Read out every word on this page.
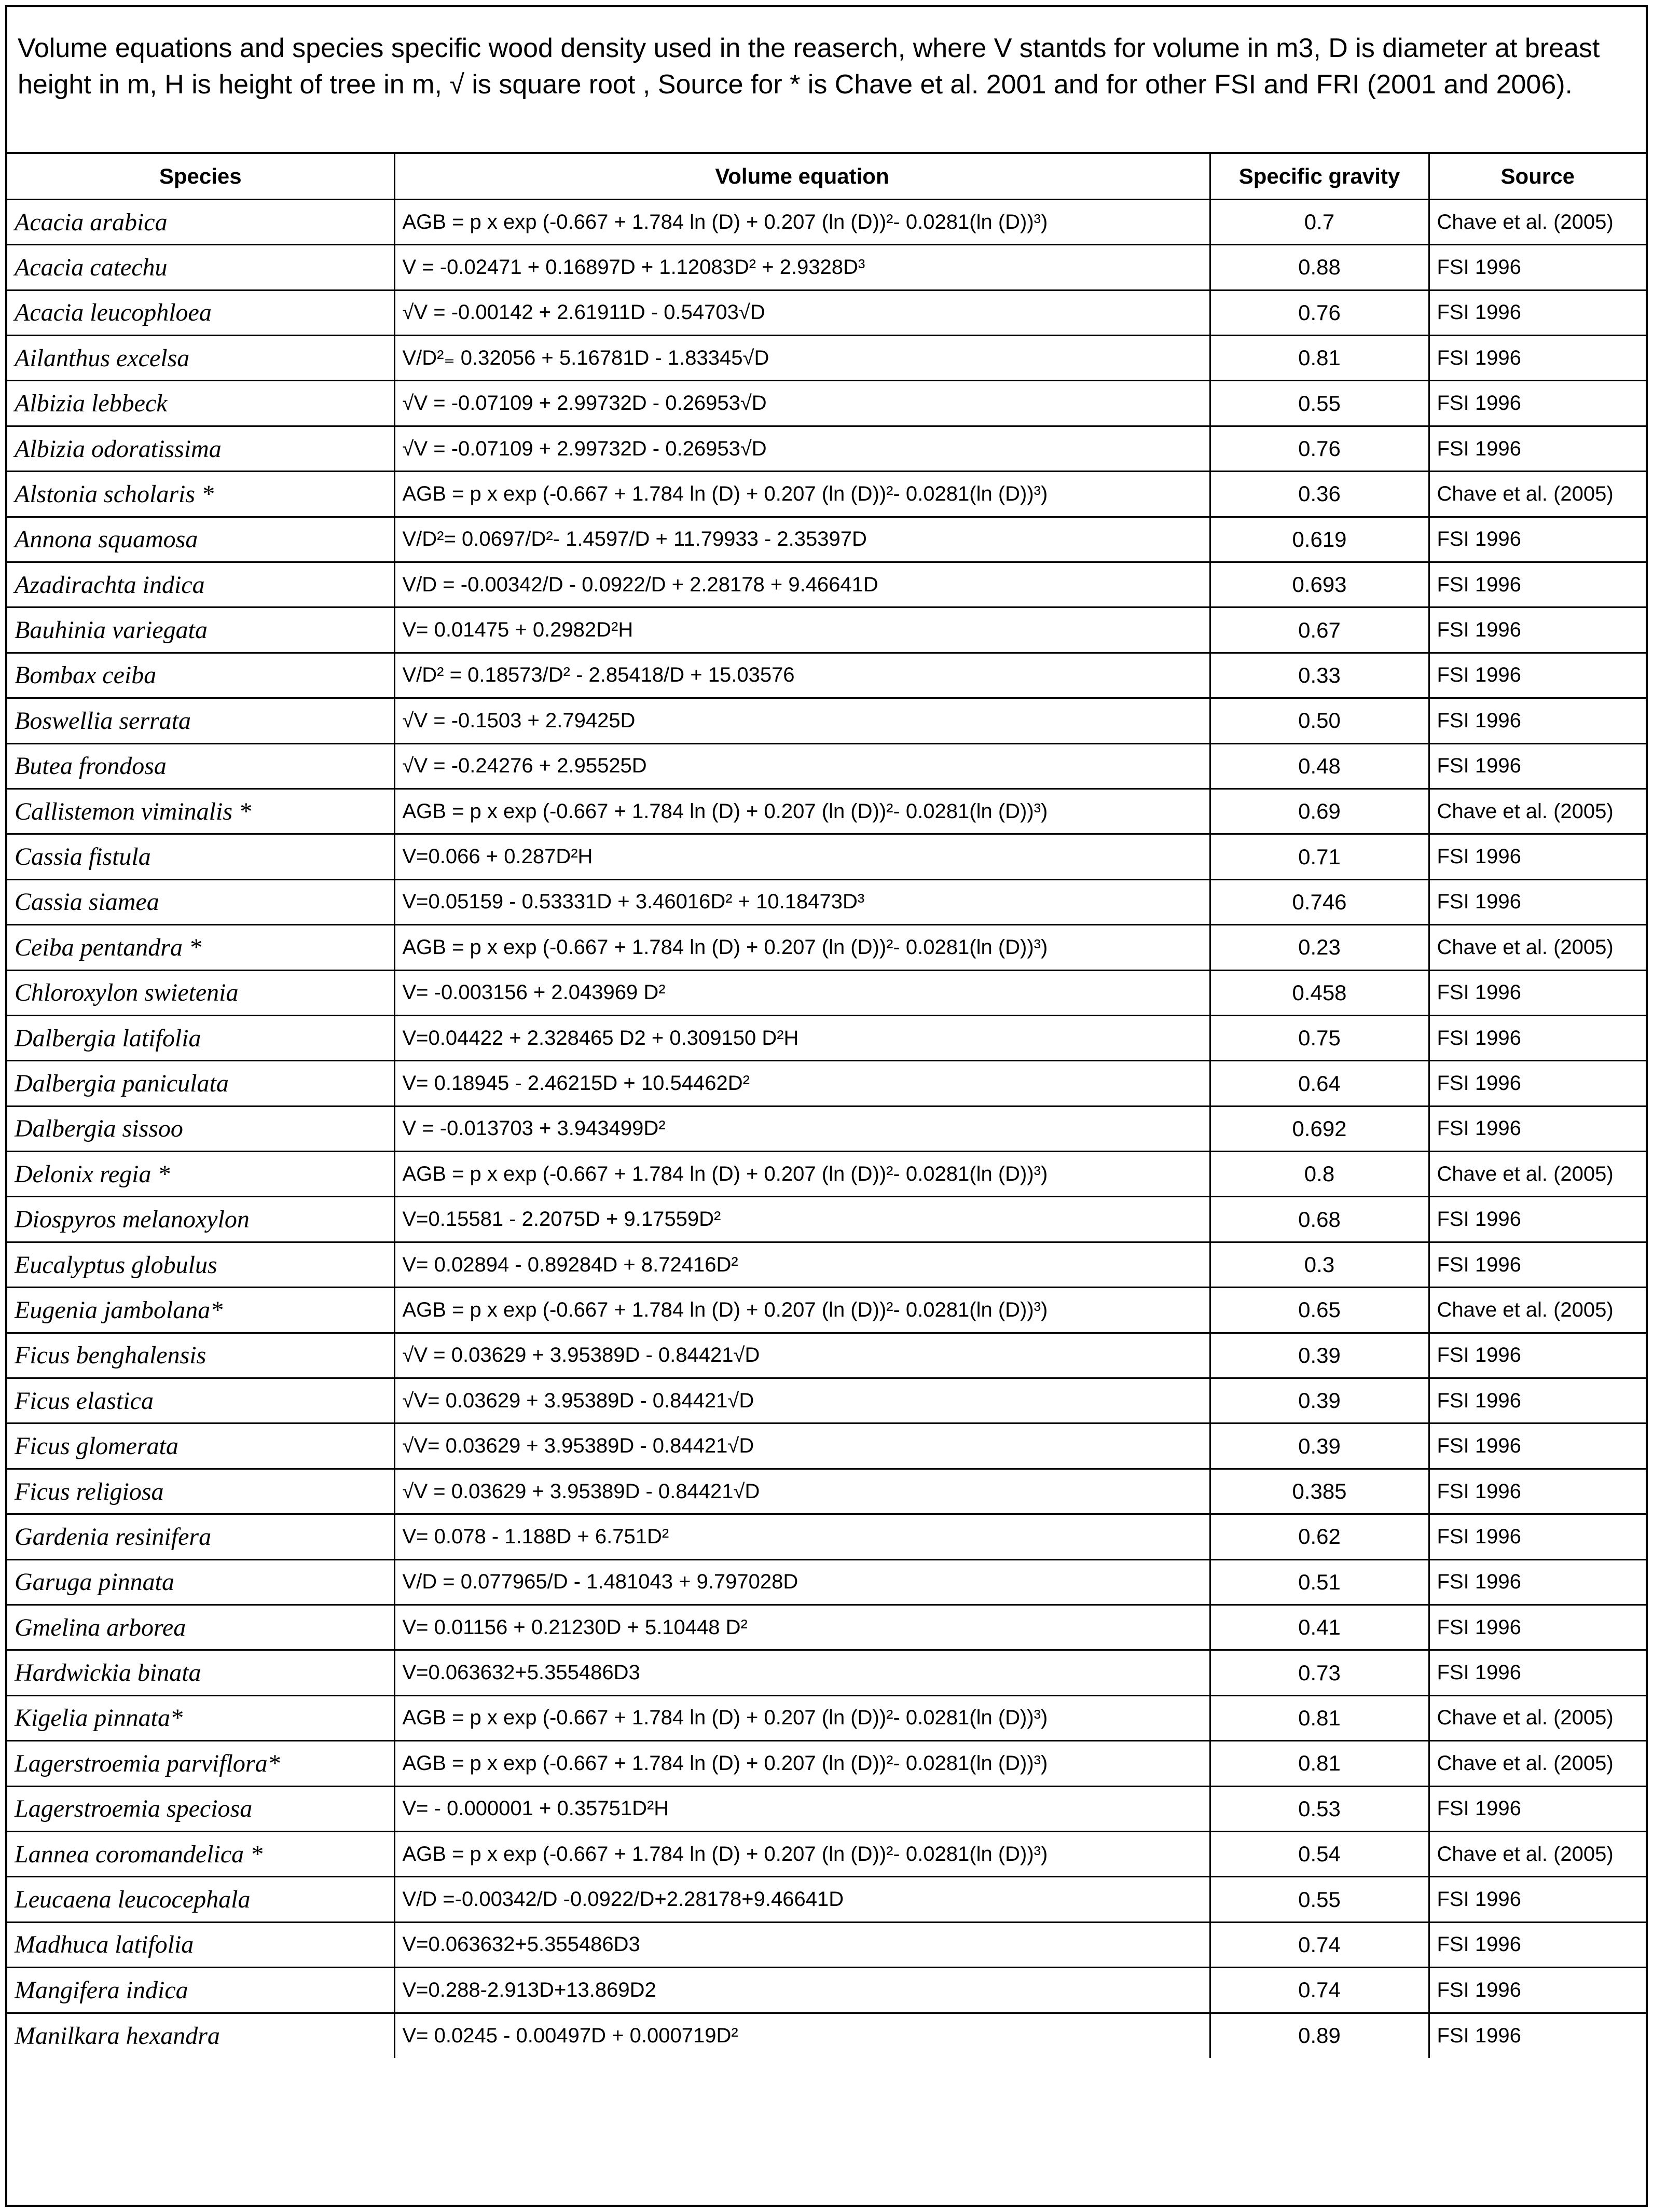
Volume equations and species specific wood density used in the reaserch, where V stantds for volume in m3, D is diameter at breast height in m, H is height of tree in m, √ is square root , Source for * is Chave et al. 2001 and for other FSI and FRI (2001 and 2006).
Species	Volume equation	Specific gravity	Source
Acacia arabica	AGB = p x exp (-0.667 + 1.784 ln (D) + 0.207 (ln (D))²- 0.0281(ln (D))³)	0.7	Chave et al. (2005)
Acacia catechu	V = -0.02471 + 0.16897D + 1.12083D² + 2.9328D³	0.88	FSI 1996
Acacia leucophloea	√V = -0.00142 + 2.61911D - 0.54703√D	0.76	FSI 1996
Ailanthus excelsa	V/D²₌ 0.32056 + 5.16781D - 1.83345√D	0.81	FSI 1996
Albizia lebbeck	√V = -0.07109 + 2.99732D - 0.26953√D	0.55	FSI 1996
Albizia odoratissima	√V = -0.07109 + 2.99732D - 0.26953√D	0.76	FSI 1996
Alstonia scholaris *	AGB = p x exp (-0.667 + 1.784 ln (D) + 0.207 (ln (D))²- 0.0281(ln (D))³)	0.36	Chave et al. (2005)
Annona squamosa	V/D²= 0.0697/D²- 1.4597/D + 11.79933 - 2.35397D	0.619	FSI 1996
Azadirachta indica	V/D = -0.00342/D - 0.0922/D + 2.28178 + 9.46641D	0.693	FSI 1996
Bauhinia variegata	V= 0.01475 + 0.2982D²H	0.67	FSI 1996
Bombax ceiba	V/D² = 0.18573/D² - 2.85418/D + 15.03576	0.33	FSI 1996
Boswellia serrata	√V = -0.1503 + 2.79425D	0.50	FSI 1996
Butea frondosa	√V = -0.24276 + 2.95525D	0.48	FSI 1996
Callistemon viminalis *	AGB = p x exp (-0.667 + 1.784 ln (D) + 0.207 (ln (D))²- 0.0281(ln (D))³)	0.69	Chave et al. (2005)
Cassia fistula	V=0.066 + 0.287D²H	0.71	FSI 1996
Cassia siamea	V=0.05159 - 0.53331D + 3.46016D² + 10.18473D³	0.746	FSI 1996
Ceiba pentandra *	AGB = p x exp (-0.667 + 1.784 ln (D) + 0.207 (ln (D))²- 0.0281(ln (D))³)	0.23	Chave et al. (2005)
Chloroxylon swietenia	V= -0.003156 + 2.043969 D²	0.458	FSI 1996
Dalbergia latifolia	V=0.04422 + 2.328465 D2 + 0.309150 D²H	0.75	FSI 1996
Dalbergia paniculata	V= 0.18945 - 2.46215D + 10.54462D²	0.64	FSI 1996
Dalbergia sissoo	V = -0.013703 + 3.943499D²	0.692	FSI 1996
Delonix regia *	AGB = p x exp (-0.667 + 1.784 ln (D) + 0.207 (ln (D))²- 0.0281(ln (D))³)	0.8	Chave et al. (2005)
Diospyros melanoxylon	V=0.15581 - 2.2075D + 9.17559D²	0.68	FSI 1996
Eucalyptus globulus	V= 0.02894 - 0.89284D + 8.72416D²	0.3	FSI 1996
Eugenia jambolana*	AGB = p x exp (-0.667 + 1.784 ln (D) + 0.207 (ln (D))²- 0.0281(ln (D))³)	0.65	Chave et al. (2005)
Ficus benghalensis	√V = 0.03629 + 3.95389D - 0.84421√D	0.39	FSI 1996
Ficus elastica	√V= 0.03629 + 3.95389D - 0.84421√D	0.39	FSI 1996
Ficus glomerata	√V= 0.03629 + 3.95389D - 0.84421√D	0.39	FSI 1996
Ficus religiosa	√V = 0.03629 + 3.95389D - 0.84421√D	0.385	FSI 1996
Gardenia resinifera	V= 0.078 - 1.188D + 6.751D²	0.62	FSI 1996
Garuga pinnata	V/D = 0.077965/D - 1.481043 + 9.797028D	0.51	FSI 1996
Gmelina arborea	V= 0.01156 + 0.21230D + 5.10448 D²	0.41	FSI 1996
Hardwickia binata	V=0.063632+5.355486D3	0.73	FSI 1996
Kigelia pinnata*	AGB = p x exp (-0.667 + 1.784 ln (D) + 0.207 (ln (D))²- 0.0281(ln (D))³)	0.81	Chave et al. (2005)
Lagerstroemia parviflora*	AGB = p x exp (-0.667 + 1.784 ln (D) + 0.207 (ln (D))²- 0.0281(ln (D))³)	0.81	Chave et al. (2005)
Lagerstroemia speciosa	V= - 0.000001 + 0.35751D²H	0.53	FSI 1996
Lannea coromandelica *	AGB = p x exp (-0.667 + 1.784 ln (D) + 0.207 (ln (D))²- 0.0281(ln (D))³)	0.54	Chave et al. (2005)
Leucaena leucocephala	V/D =-0.00342/D -0.0922/D+2.28178+9.46641D	0.55	FSI 1996
Madhuca latifolia	V=0.063632+5.355486D3	0.74	FSI 1996
Mangifera indica	V=0.288-2.913D+13.869D2	0.74	FSI 1996
Manilkara hexandra	V= 0.0245 - 0.00497D + 0.000719D²	0.89	FSI 1996
